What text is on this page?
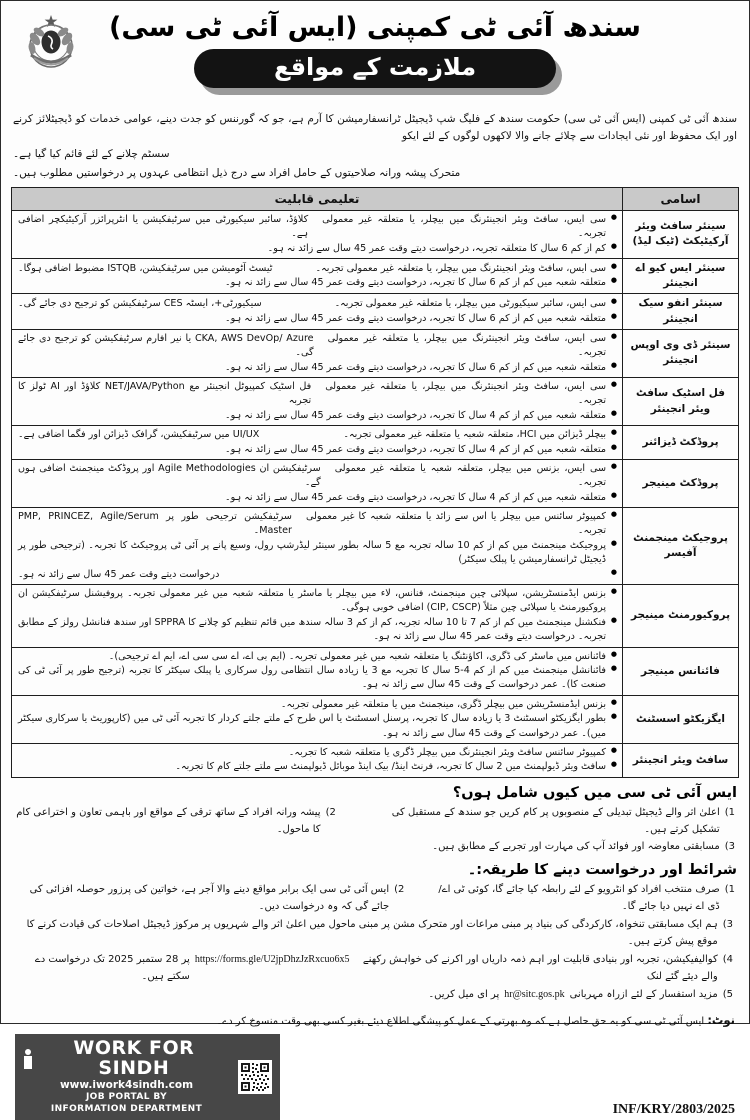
سندھ آئی ٹی کمپنی (ایس آئی ٹی سی)
ملازمت کے مواقع
سندھ آئی ٹی کمپنی (ایس آئی ٹی سی) حکومت سندھ کے فلیگ شپ ڈیجیٹل ٹرانسفارمیشن کا آرم ہے، جو کہ گورننس کو جدت دینے، عوامی خدمات کو ڈیجیٹلائز کرنے اور ایک محفوظ اور نئی ایجادات سے چلائے جانے والا لاکھوں لوگوں کے لئے ایکو
سسٹم چلانے کے لئے قائم کیا گیا ہے۔
متحرک پیشہ ورانہ صلاحیتوں کے حامل افراد سے درج ذیل انتظامی عہدوں پر درخواستیں مطلوب ہیں۔
اسامی	تعلیمی قابلیت
سینئر سافٹ ویئر آرکیٹیکٹ (ٹیک لیڈ)	
● سی ایس، سافٹ ویئر انجینئرنگ میں بیچلر، یا متعلقہ غیر معمولی تجربہ۔
کلاؤڈ، سائبر سیکیورٹی میں سرٹیفکیشن یا انٹرپرائزر آرکیٹیکچر اضافی ہے۔
● کم از کم 6 سال کا متعلقہ تجربہ، درخواست دیتے وقت عمر 45 سال سے زائد نہ ہو۔

سینئر ایس کیو اے انجینئر	
● سی ایس، سافٹ ویئر انجینئرنگ میں بیچلر، یا متعلقہ غیر معمولی تجربہ۔
ٹیسٹ آٹومیشن میں سرٹیفکیشن، ISTQB مضبوط اضافی ہوگا۔
● متعلقہ شعبہ میں کم از کم 6 سال کا تجربہ، درخواست دیتے وقت عمر 45 سال سے زائد نہ ہو۔

سینئر انفو سیک انجینئر	
● سی ایس، سائبر سیکیورٹی میں بیچلر، یا متعلقہ غیر معمولی تجربہ۔
سیکیورٹی+، ایسٹہ CES سرٹیفکیشن کو ترجیح دی جائے گی۔
● متعلقہ شعبہ میں کم از کم 6 سال کا تجربہ، درخواست دیتے وقت عمر 45 سال سے زائد نہ ہو۔

سینئر ڈی وی اوپس انجینئر	
● سی ایس، سافٹ ویئر انجینئرنگ میں بیچلر، یا متعلقہ غیر معمولی تجربہ۔
CKA, AWS DevOp/ Azure یا نیر افارم سرٹیفکیشن کو ترجیح دی جائے گی۔
● متعلقہ شعبہ میں کم از کم 6 سال کا تجربہ، درخواست دیتے وقت عمر 45 سال سے زائد نہ ہو۔

فل اسٹیک سافٹ ویئر انجینئر	
● سی ایس، سافٹ ویئر انجینئرنگ میں بیچلر، یا متعلقہ غیر معمولی تجربہ۔
فل اسٹیک کمپیوٹل انجینئر مع NET/JAVA/Python کلاؤڈ اور AI ٹولز کا تجربہ
● متعلقہ شعبہ میں کم از کم 4 سال کا تجربہ، درخواست دیتے وقت عمر 45 سال سے زائد نہ ہو۔

پروڈکٹ ڈیزائنر	
● بیچلر ڈیزائن میں HCI، متعلقہ شعبہ یا متعلقہ غیر معمولی تجربہ۔
UI/UX میں سرٹیفکیشن، گرافک ڈیزائن اور فگما اضافی ہے۔
● متعلقہ شعبہ میں کم از کم 4 سال کا تجربہ، درخواست دیتے وقت عمر 45 سال سے زائد نہ ہو۔

پروڈکٹ مینیجر	
● سی ایس، بزنس میں بیچلر، متعلقہ شعبہ یا متعلقہ غیر معمولی تجربہ۔
سرٹیفکیشن ان Agile Methodologies اور پروڈکٹ مینجمنٹ اضافی ہوں گے۔
● متعلقہ شعبہ میں کم از کم 4 سال کا تجربہ، درخواست دیتے وقت عمر 45 سال سے زائد نہ ہو۔

پروجیکٹ مینجمنٹ آفیسر	
● کمپیوٹر سائنس میں بیچلر یا اس سے زائد یا متعلقہ شعبہ کا غیر معمولی تجربہ۔
سرٹیفکیشن ترجیحی طور پر PMP, PRINCEZ, Agile/Serum Master۔
● پروجیکٹ مینجمنٹ میں کم از کم 10 سالہ تجربہ مع 5 سالہ بطور سینئر لیڈرشپ رول، وسیع پانے پر آئی ٹی پروجیکٹ کا تجربہ۔ (ترجیحی طور پر ڈیجیٹل ٹرانسفارمیشن یا پبلک سیکٹر)
● درخواست دیتے وقت عمر 45 سال سے زائد نہ ہو۔

پروکیورمنٹ مینیجر	
● بزنس ایڈمنسٹریشن، سپلائی چین مینجمنٹ، فنانس، لاء میں بیچلر یا ماسٹر یا متعلقہ شعبہ میں غیر معمولی تجربہ۔ پروفیشنل سرٹیفکیشن ان پروکیورمنٹ یا سپلائی چین مثلاً (CIP, CSCP) اضافی خوبی ہوگی۔
● فنکشنل مینجمنٹ میں کم از کم 7 تا 10 سالہ تجربہ، کم از کم 3 سالہ سندھ میں قائم تنظیم کو چلانے کا SPPRA اور سندھ فنانشل رولز کے مطابق تجربہ۔ درخواست دیتے وقت عمر 45 سال سے زائد نہ ہو۔

فائنانس مینیجر	
● فائنانس میں ماسٹر کی ڈگری، اکاؤنٹنگ یا متعلقہ شعبہ میں غیر معمولی تجربہ۔ (ایم بی اے، اے سی سی اے، ایم اے ترجیحی)۔
● فائنانشل مینجمنٹ میں کم از کم 4-5 سال کا تجربہ مع 3 یا زیادہ سال انتظامی رول سرکاری یا پبلک سیکٹر کا تجربہ (ترجیح طور پر آئی ٹی کی صنعت کا)۔ عمر درخواست کے وقت 45 سال سے زائد نہ ہو۔

ایگزیکٹو اسسٹنٹ	
● بزنس ایڈمنسٹریشن میں بیچلر ڈگری، مینجمنٹ میں یا متعلقہ غیر معمولی تجربہ۔
● بطور ایگزیکٹو اسسٹنٹ 3 یا زیادہ سال کا تجربہ، پرسنل اسسٹنٹ یا اس طرح کے ملتے جلتے کردار کا تجربہ آئی ٹی میں (کارپوریٹ یا سرکاری سیکٹر میں)۔ عمر درخواست کے وقت 45 سال سے زائد نہ ہو۔

سافٹ ویئر انجینئر	
● کمپیوٹر سائنس سافٹ ویئر انجینئرنگ میں بیچلر ڈگری یا متعلقہ شعبہ کا تجربہ۔
● سافٹ ویئر ڈیولپمنٹ میں 2 سال کا تجربہ، فرنٹ اینڈ/ بیک اینڈ موبائل ڈیولپمنٹ سے ملتے جلتے کام کا تجربہ۔
ایس آئی ٹی سی میں کیوں شامل ہوں؟
1)
اعلیٰ اثر والے ڈیجیٹل تبدیلی کے منصوبوں پر کام کریں جو سندھ کے مستقبل کی تشکیل کرتے ہیں۔
2)
پیشہ ورانہ افراد کے ساتھ ترقی کے مواقع اور باہمی تعاون و اختراعی کام کا ماحول۔
3)
مسابقتی معاوضہ اور فوائد آپ کی مہارت اور تجربے کے مطابق ہیں۔
شرائط اور درخواست دینے کا طریقہ:۔
1)
صرف منتخب افراد کو انٹرویو کے لئے رابطہ کیا جائے گا، کوئی ٹی اے/ ڈی اے نہیں دیا جائے گا۔
2)
ایس آئی ٹی سی ایک برابر مواقع دینے والا آجر ہے، خواتین کی پرزور حوصلہ افزائی کی جائے گی کہ وہ درخواست دیں۔
3)
ہم ایک مسابقتی تنخواہ، کارکردگی کی بنیاد پر مبنی مراعات اور متحرک مشن پر مبنی ماحول میں اعلیٰ اثر والے شہریوں پر مرکوز ڈیجیٹل اصلاحات کی قیادت کرنے کا موقع پیش کرتے ہیں۔
4)
کوالیفیکیشن، تجربہ اور بنیادی قابلیت اور اہم ذمہ داریاں اور اکرنے کی خواہش رکھنے والے دیئے گئے لنک
https://forms.gle/U2jpDhzJzRxcuo6x5
پر 28 ستمبر 2025 تک درخواست دے سکتے ہیں۔
5)
مزید استفسار کے لئے ازراہ مہربانی
hr@sitc.gos.pk
پر ای میل کریں۔
نوٹ: ایس آئی ٹی سی کو یہ حق حاصل ہے کہ وہ بھرتی کے عمل کو پیشگی اطلاع دیئے بغیر کسی بھی وقت منسوخ کر دے۔
WORK FOR SINDH
www.iwork4sindh.com
JOB PORTAL BY
INFORMATION DEPARTMENT	INF/KRY/2803/2025
